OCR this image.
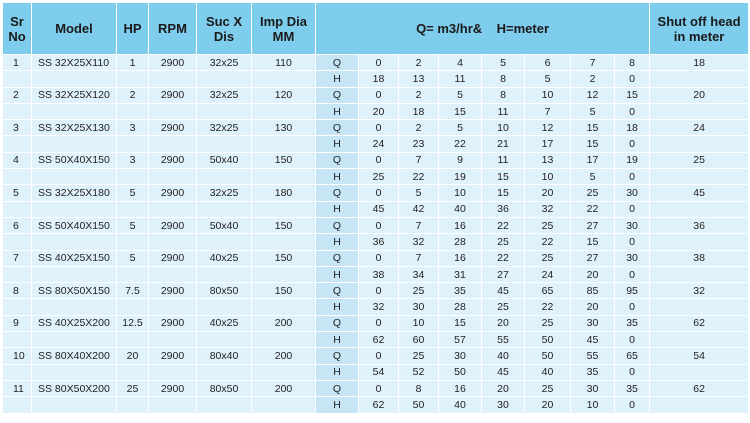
Sr
No	Model	HP	RPM	Suc X
Dis	Imp Dia
MM	Q= m3/hr&    H=meter								Shut off head
in meter
1	SS 32X25X110	1	2900	32x25	110	Q	0	2	4	5	6	7	8	18
						H	18	13	11	8	5	2	0	
2	SS 32X25X120	2	2900	32x25	120	Q	0	2	5	8	10	12	15	20
						H	20	18	15	11	7	5	0	
3	SS 32X25X130	3	2900	32x25	130	Q	0	2	5	10	12	15	18	24
						H	24	23	22	21	17	15	0	
4	SS 50X40X150	3	2900	50x40	150	Q	0	7	9	11	13	17	19	25
						H	25	22	19	15	10	5	0	
5	SS 32X25X180	5	2900	32x25	180	Q	0	5	10	15	20	25	30	45
						H	45	42	40	36	32	22	0	
6	SS 50X40X150	5	2900	50x40	150	Q	0	7	16	22	25	27	30	36
						H	36	32	28	25	22	15	0	
7	SS 40X25X150	5	2900	40x25	150	Q	0	7	16	22	25	27	30	38
						H	38	34	31	27	24	20	0	
8	SS 80X50X150	7.5	2900	80x50	150	Q	0	25	35	45	65	85	95	32
						H	32	30	28	25	22	20	0	
9	SS 40X25X200	12.5	2900	40x25	200	Q	0	10	15	20	25	30	35	62
						H	62	60	57	55	50	45	0	
10	SS 80X40X200	20	2900	80x40	200	Q	0	25	30	40	50	55	65	54
						H	54	52	50	45	40	35	0	
11	SS 80X50X200	25	2900	80x50	200	Q	0	8	16	20	25	30	35	62
						H	62	50	40	30	20	10	0	
